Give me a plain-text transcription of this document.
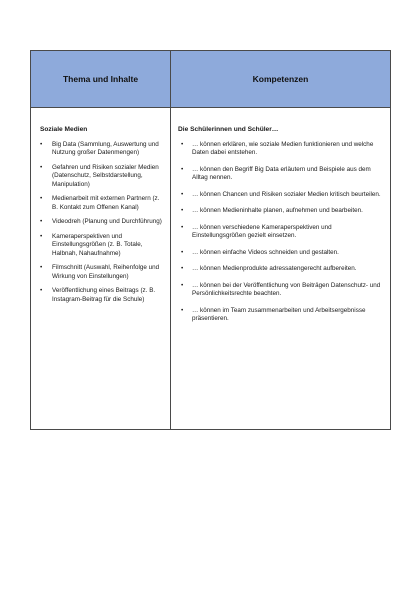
Thema und Inhalte	Kompetenzen
Soziale Medien
• Big Data (Sammlung, Auswertung und Nutzung großer Datenmengen)
• Gefahren und Risiken sozialer Medien (Datenschutz, Selbstdarstellung, Manipulation)
• Medienarbeit mit externen Partnern (z. B. Kontakt zum Offenen Kanal)
• Videodreh (Planung und Durchführung)
• Kameraperspektiven und Einstellungsgrößen (z. B. Totale, Halbnah, Nahaufnahme)
• Filmschnitt (Auswahl, Reihenfolge und Wirkung von Einstellungen)
• Veröffentlichung eines Beitrags (z. B. Instagram-Beitrag für die Schule)
Die Schülerinnen und Schüler…
• … können erklären, wie soziale Medien funktionieren und welche Daten dabei entstehen.
• … können den Begriff Big Data erläutern und Beispiele aus dem Alltag nennen.
• … können Chancen und Risiken sozialer Medien kritisch beurteilen.
• … können Medieninhalte planen, aufnehmen und bearbeiten.
• … können verschiedene Kameraperspektiven und Einstellungsgrößen gezielt einsetzen.
• … können einfache Videos schneiden und gestalten.
• … können Medienprodukte adressatengerecht aufbereiten.
• … können bei der Veröffentlichung von Beiträgen Datenschutz- und Persönlichkeitsrechte beachten.
• … können im Team zusammenarbeiten und Arbeitsergebnisse präsentieren.
